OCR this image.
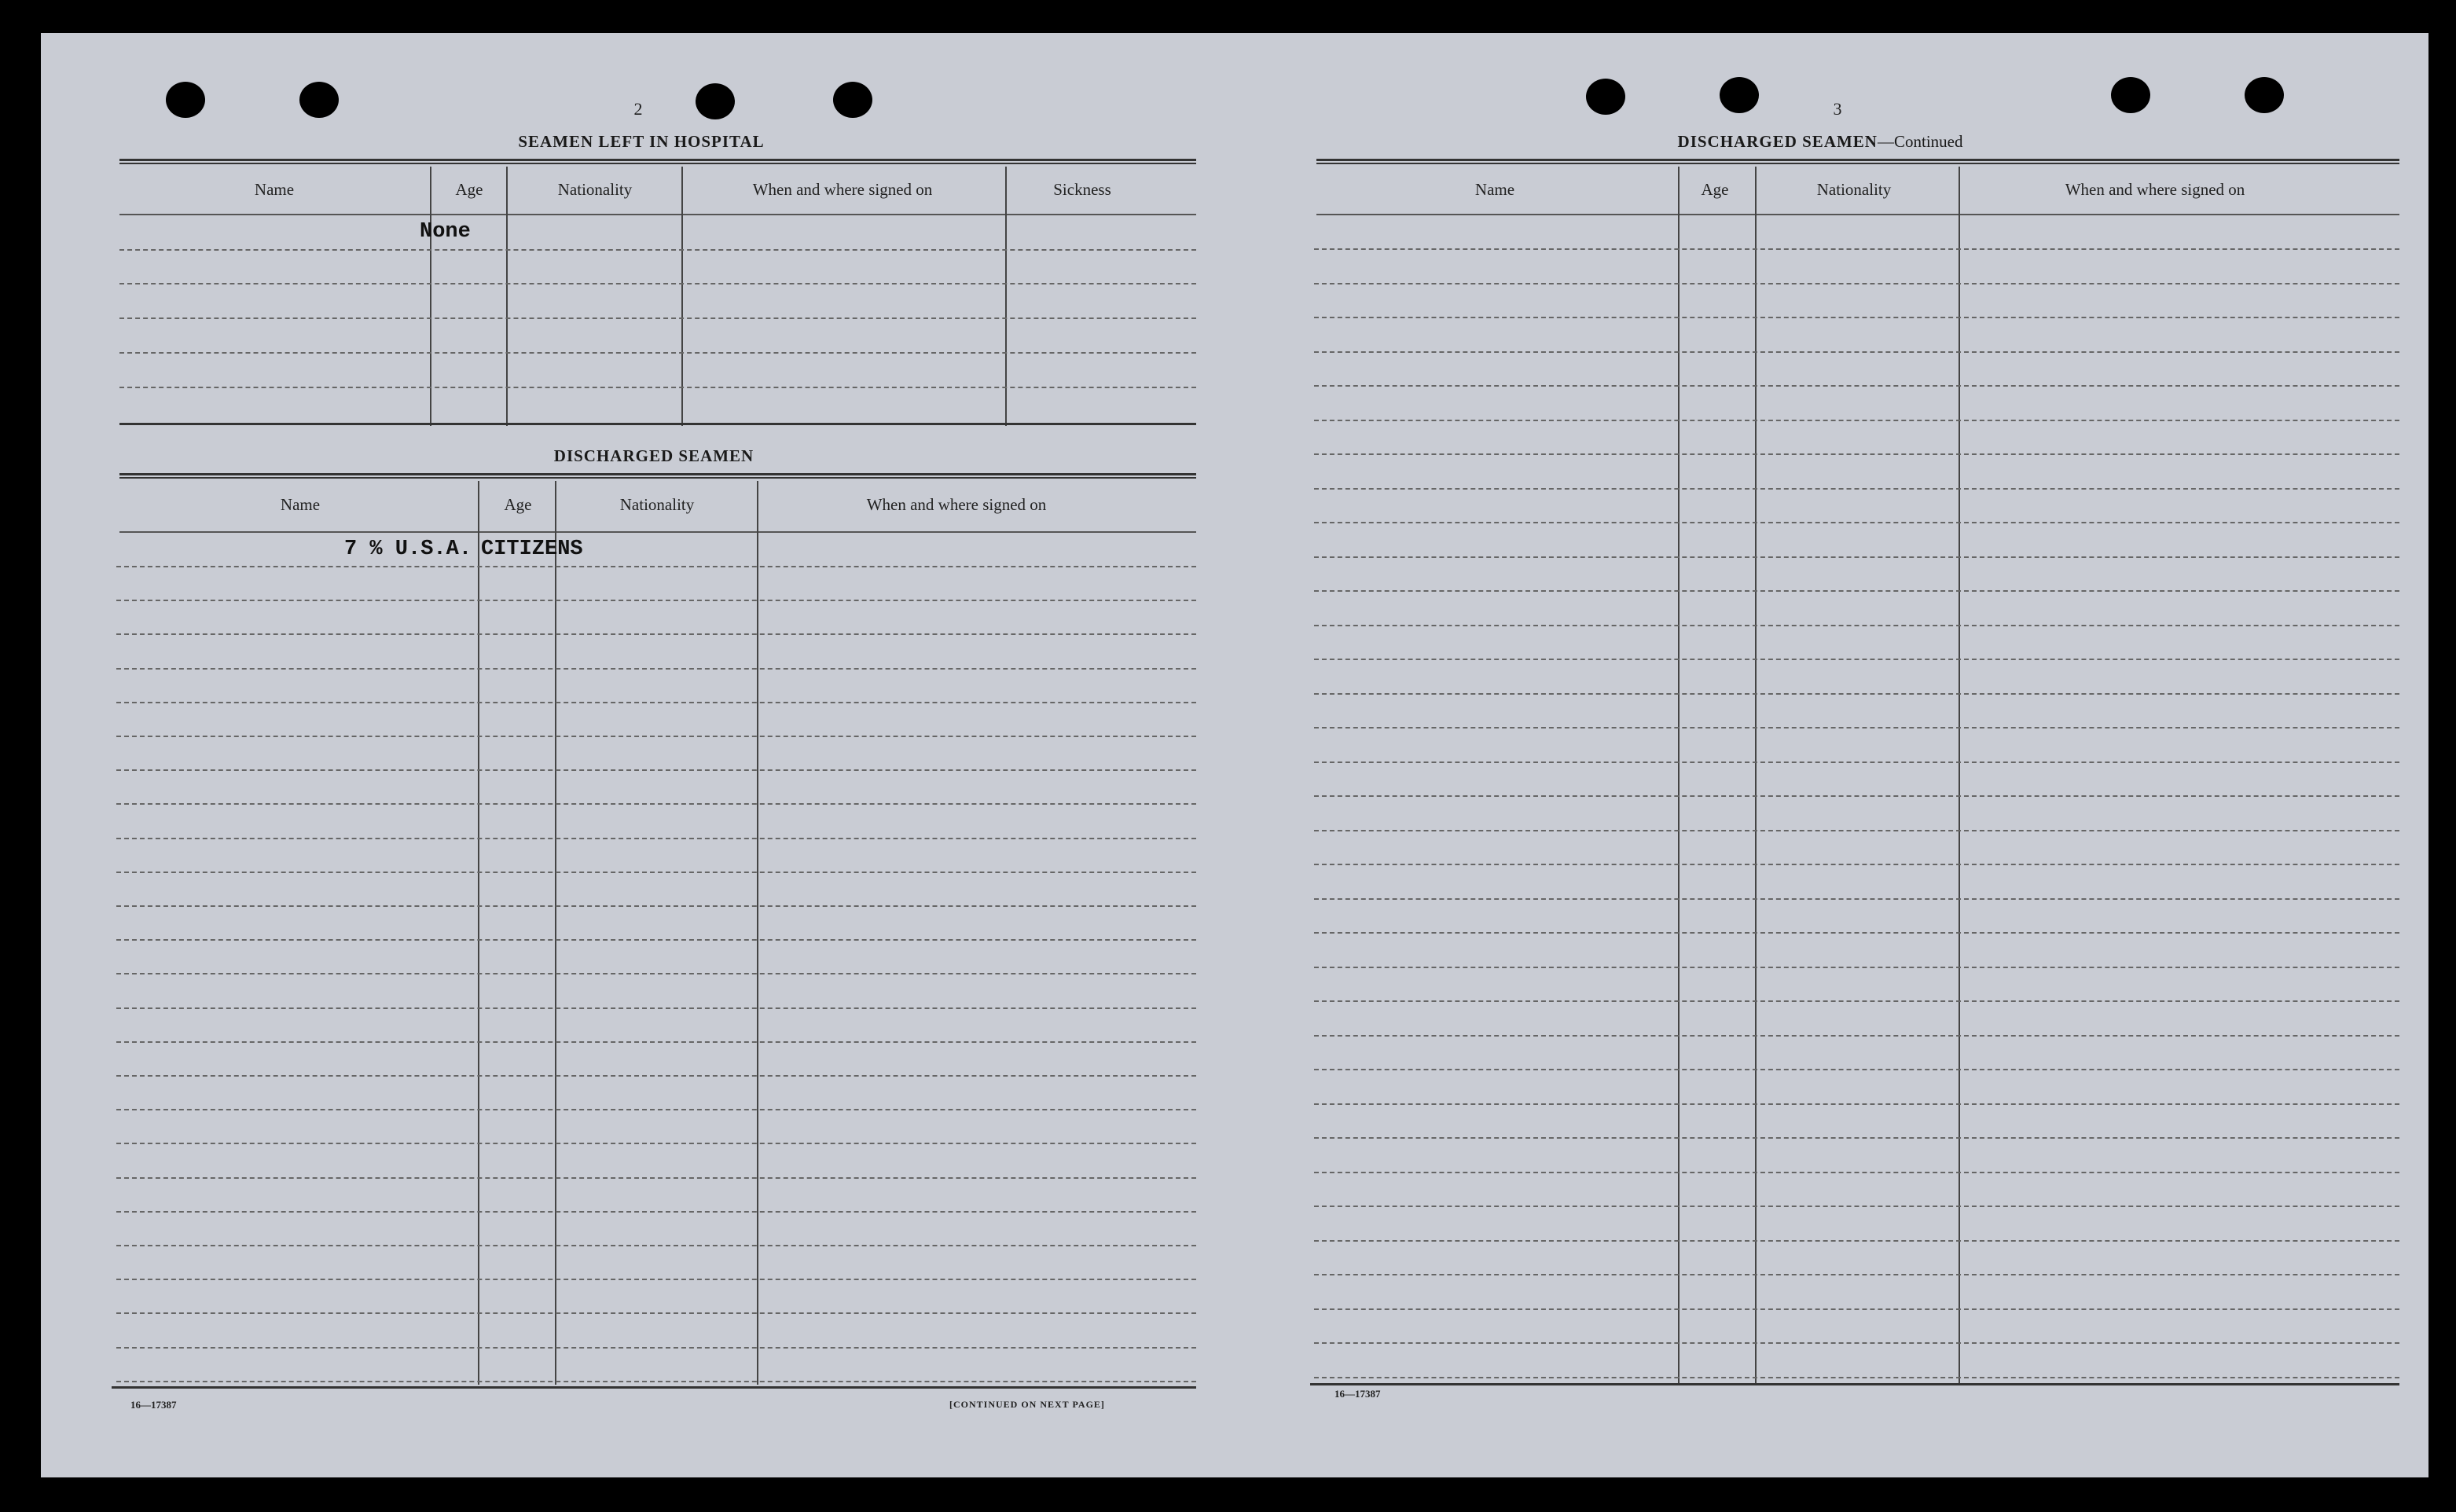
2
SEAMEN LEFT IN HOSPITAL
Name	Age	Nationality	When and where signed on	Sickness
None
DISCHARGED SEAMEN
Name	Age	Nationality	When and where signed on
7 % U.S.A. CITIZENS
16—17387	[CONTINUED ON NEXT PAGE]
3
DISCHARGED SEAMEN—Continued
Name	Age	Nationality	When and where signed on
16—17387
